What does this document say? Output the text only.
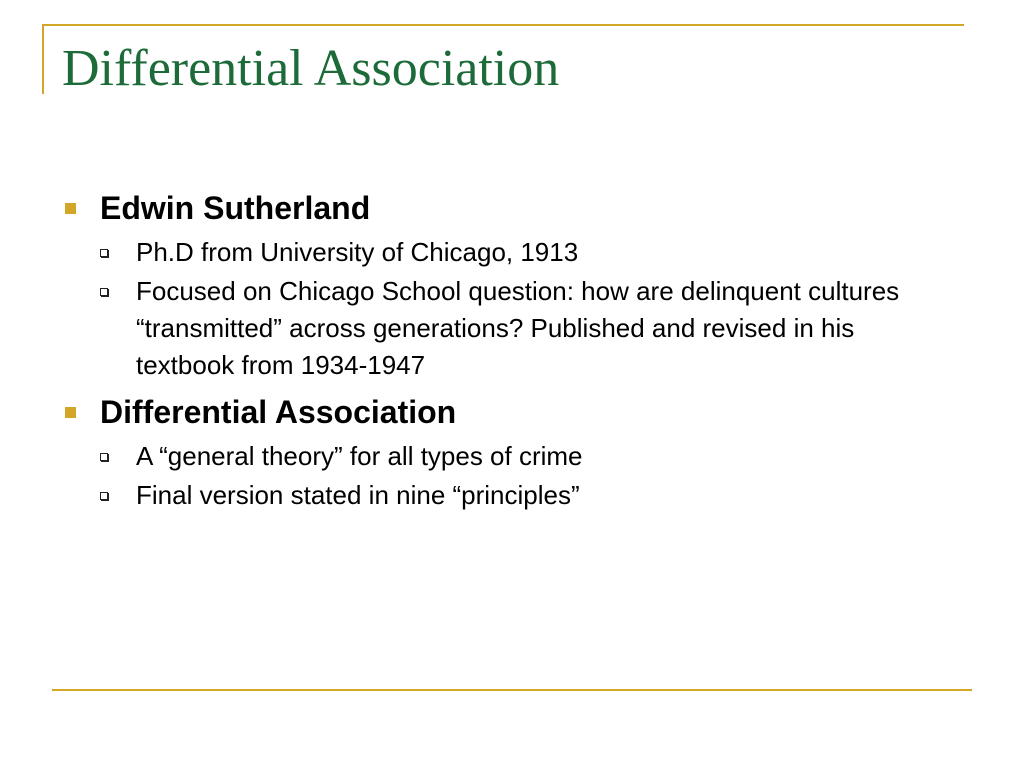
Differential Association
Edwin Sutherland
Ph.D from University of Chicago, 1913
Focused on Chicago School question: how are delinquent cultures “transmitted” across generations? Published and revised in his textbook from 1934-1947
Differential Association
A “general theory” for all types of crime
Final version stated in nine “principles”
